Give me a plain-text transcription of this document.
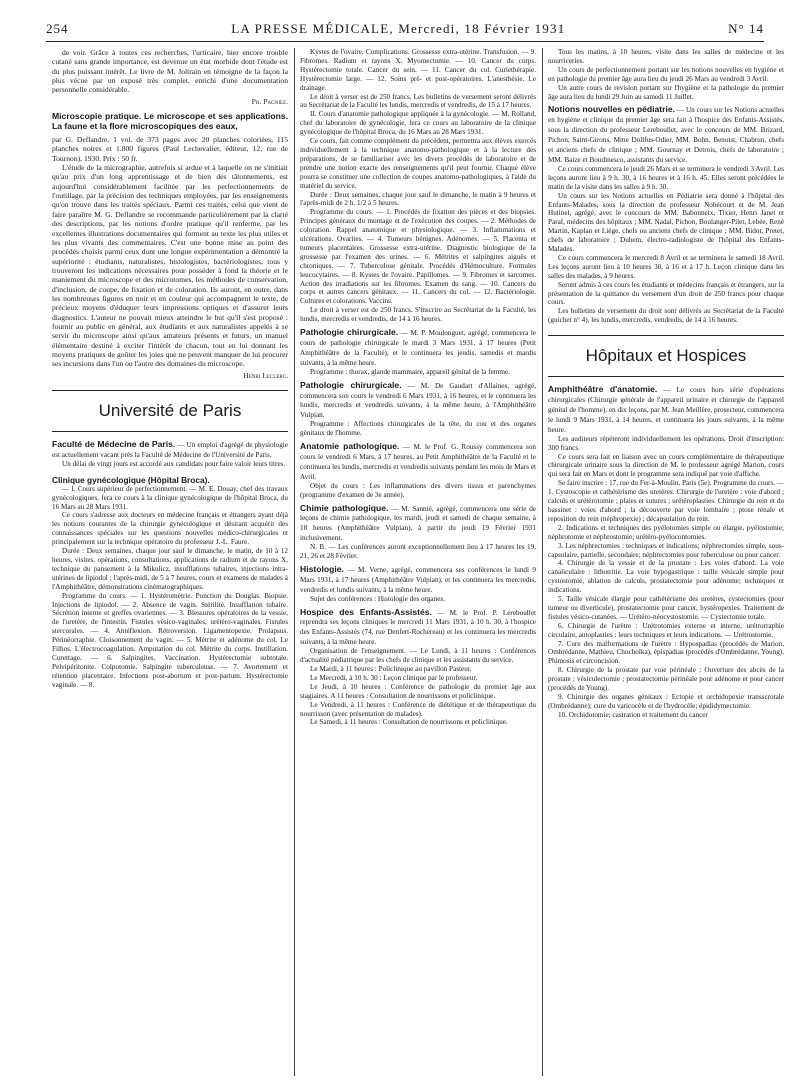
254	LA PRESSE MÉDICALE, Mercredi, 18 Février 1931	N° 14

de voir. Grâce à toutes ces recherches, l'urticaire, hier encore trouble cutané sans grande importance, est devenue un état morbide dont l'étude est du plus puissant intérêt. Le livre de M. Joltrain en témoigne de la façon la plus vécue par un exposé très complet, enrichi d'une documentation personnelle considérable.

Ph. Pagniez.

Microscopie pratique. Le microscope et ses applications. La faune et la flore microscopiques des eaux,

par G. Deflandre, 1 vol. de 373 pages avec 20 planches coloriées, 115 planches noires et 1.800 figures (Paul Lechevalier, éditeur, 12, rue de Tournon), 1930. Prix : 50 fr.

L'étude de la micrographie, autrefois si ardue et à laquelle on ne s'initiait qu'au prix d'un long apprentissage et de bien des tâtonnements, est aujourd'hui considérablement facilitée par les perfectionnements de l'outillage, par la précision des techniques employées, par les enseignements qu'on trouve dans les traités spéciaux. Parmi ces traités, celui que vient de faire paraître M. G. Deflandre se recommande particulièrement par la clarté des descriptions, par les notions d'ordre pratique qu'il renferme, par les excellentes illustrations documentaires qui forment au texte les plus utiles et les plus vivants des commentaires. C'est une bonne mise au point des procédés choisis parmi ceux dont une longue expérimentation a démontré la supériorité : étudiants, naturalistes, histologistes, bactériologistes, tous y trouveront les indications nécessaires pour posséder à fond la théorie et le maniement du microscope et des microtomes, les méthodes de conservation, d'inclusion, de coupe, de fixation et de coloration. Ils auront, en outre, dans les nombreuses figures en noir et en couleur qui accompagnent le texte, de précieux moyens d'éduquer leurs impressions optiques et d'assurer leurs diagnostics. L'auteur ne pouvait mieux atteindre le but qu'il s'est proposé : fournir au public en général, aux étudiants et aux naturalistes appelés à se servir du microscope ainsi qu'aux amateurs présents et futurs, un manuel élémentaire destiné à exciter l'intérêt de chacun, tout en lui donnant les moyens pratiques de goûter les joies que ne peuvent manquer de lui procurer ses incursions dans l'un ou l'autre des domaines du microscope.

Henri Leclerc.
Université de Paris

Faculté de Médecine de Paris. — Un emploi d'agrégé de physiologie est actuellement vacant près la Faculté de Médecine de l'Université de Paris.

Un délai de vingt jours est accordé aux candidats pour faire valoir leurs titres.

Clinique gynécologique (Hôpital Broca).

— I. Cours supérieur de perfectionnement. — M. E. Douay, chef des travaux gynécologiques, fera ce cours à la clinique gynécologique de l'hôpital Broca, du 16 Mars au 28 Mars 1931.

Ce cours s'adresse aux docteurs en médecine français et étrangers ayant déjà les notions courantes de la chirurgie gynécologique et désirant acquérir des connaissances spéciales sur les questions nouvelles médico-chirurgicales et principalement sur la technique opératoire du professeur J.-L. Faure.

Durée : Deux semaines, chaque jour sauf le dimanche, le matin, de 10 à 12 heures, visites, opérations, consultations, applications de radium et de rayons X, technique du pansement à la Mikulicz, insufflations tubaires, injections intra-utérines de lipiodol ; l'après-midi, de 5 à 7 heures, cours et examens de malades à l'Amphithéâtre, démonstrations cinématographiques.

Programme du cours. — 1. Hystéromètrie. Ponction du Douglas. Biopsie. Injections de lipiodol. — 2. Absence de vagin. Stérilité. Insufflation tubaire. Sécrétion interne et greffes ovariennes. — 3. Blessures opératoires de la vessie, de l'uretère, de l'intestin. Fistules vésico-vaginales, urétéro-vaginales. Fistules stercorales. — 4. Antéflexion. Rétroversion. Ligamentopexie. Prolapsus. Périnéorraphie. Cloisonnement du vagin. — 5. Métrite et adénome du col. Le Filhos. L'électrocoagulation. Amputation du col. Métrite du corps. Instillation. Curettage. — 6. Salpingites. Vaccination. Hystérectomie subtotale. Pelvipéritonite. Colpotomie. Salpingite tuberculeuse. — 7. Avortement et rétention placentaire. Infections post-abortum et post-partum. Hystérectomie vaginale. — 8.

Kystes de l'ovaire. Complications. Grossesse extra-utérine. Transfusion. — 9. Fibromes. Radium et rayons X. Myomectomie. — 10. Cancer du corps. Hystérectomie totale. Cancer du sein. — 11. Cancer du col. Curiethérapie. Hystérectomie large. — 12. Soins pré- et post-opératoires. L'anesthésie. Le drainage.

Le droit à verser est de 250 francs. Les bulletins de versement seront délivrés au Secrétariat de la Faculté les lundis, mercredis et vendredis, de 15 à 17 heures.

II. Cours d'anatomie pathologique appliquée à la gynécologie. — M. Rolland, chef du laboratoire de gynécologie, fera ce cours au laboratoire de la clinique gynécologique de l'hôpital Broca, du 16 Mars au 28 Mars 1931.

Ce cours, fait comme complément du précédent, permettra aux élèves exercés individuellement à la technique anatomo-pathologique et à la lecture des préparations, de se familiariser avec les divers procédés de laboratoire et de prendre une notion exacte des renseignements qu'il peut fournir. Chaque élève pourra se constituer une collection de coupes anatomo-pathologiques, à l'aide du matériel du service.

Durée : Deux semaines, chaque jour sauf le dimanche, le matin à 9 heures et l'après-midi de 2 h. 1/2 à 5 heures.

Programme du cours. — 1. Procédés de fixation des pièces et des biopsies. Principes généraux du montage et de l'exécution des coupes. — 2. Méthodes de coloration. Rappel anatomique et physiologique. — 3. Inflammations et ulcérations. Ovarites. — 4. Tumeurs bénignes. Adénomes. — 5. Placenta et tumeurs placentaires. Grossesse extra-utérine. Diagnostic biologique de la grossesse par l'examen des urines. — 6. Métrites et salpingites aiguës et chroniques. — 7. Tuberculose génitale. Procédés d'Hémoculture. Formules leucocytaires. — 8. Kystes de l'ovaire. Papillomes. — 9. Fibromes et sarcomes. Action des irradiations sur les fibromes. Examen du sang. — 10. Cancers du corps et autres cancers génitaux. — 11. Cancers du col. — 12. Bactériologie. Cultures et colorations. Vaccins.

Le droit à verser est de 250 francs. S'inscrire au Secrétariat de la Faculté, les lundis, mercredis et vendredis, de 14 à 16 heures.

Pathologie chirurgicale. — M. P. Moulonguet, agrégé, commencera le cours de pathologie chirurgicale le mardi 3 Mars 1931, à 17 heures (Petit Amphithéâtre de la Faculté), et le continuera les jeudis, samedis et mardis suivants, à la même heure.

Programme : thorax, glande mammaire, appareil génital de la femme.

Pathologie chirurgicale. — M. De Gaudart d'Allaines, agrégé, commencera son cours le vendredi 6 Mars 1931, à 16 heures, et le continuera les lundis, mercredis et vendredis suivants, à la même heure, à l'Amphithéâtre Vulpian.

Programme : Affections chirurgicales de la tête, du cou et des organes génitaux de l'homme.

Anatomie pathologique. — M. le Prof. G. Roussy commencera son cours le vendredi 6 Mars, à 17 heures, au Petit Amphithéâtre de la Faculté et le continuera les lundis, mercredis et vendredis suivants pendant les mois de Mars et Avril.

Objet du cours : Les inflammations des divers tissus et parenchymes (programme d'examen de 3e année).

Chimie pathologique. — M. Sannié, agrégé, commencera une série de leçons de chimie pathologique, les mardi, jeudi et samedi de chaque semaine, à 18 heures (Amphithéâtre Vulpian), à partir du jeudi 19 Février 1931 inclusivement.

N. B. — Les conférences auront exceptionnellement lieu à 17 heures les 19, 21, 26 et 28 Février.

Histologie. — M. Verne, agrégé, commencera ses conférences le lundi 9 Mars 1931, à 17 heures (Amphithéâtre Vulpian), et les continuera les mercredis, vendredis et lundis suivants, à la même heure.

Sujet des conférences : Histologie des organes.

Hospice des Enfants-Assistés. — M. le Prof. P. Lereboullet reprendra ses leçons cliniques le mercredi 11 Mars 1931, à 10 h. 30, à l'hospice des Enfants-Assistés (74, rue Denfert-Rochereau) et les continuera les mercredis suivants, à la même heure.

Organisation de l'enseignement. — Le Lundi, à 11 heures : Conférences d'actualité pédiatrique par les chefs de clinique et les assistants du service.

Le Mardi, à 11 heures : Policlinique au pavillon Pasteur.

Le Mercredi, à 10 h. 30 : Leçon clinique par le professeur.

Le Jeudi, à 10 heures : Conférence de pathologie du premier âge aux stagiaires. A 11 heures : Consultation de nourrissons et policlinique.

Le Vendredi, à 11 heures : Conférence de diététique et de thérapeutique du nourrisson (avec présentation de malades).

Le Samedi, à 11 heures : Consultation de nourrissons et policlinique.

Tous les matins, à 10 heures, visite dans les salles de médecine et les nourriceries.

Un cours de perfectionnement portant sur les notions nouvelles en hygiène et en pathologie du premier âge aura lieu du jeudi 26 Mars au vendredi 3 Avril.

Un autre cours de revision portant sur l'hygiène et la pathologie du premier âge aura lieu du lundi 29 Juin au samedi 11 Juillet.

Notions nouvelles en pédiatrie. — Un cours sur les Notions actuelles en hygiène et clinique du premier âge sera fait à l'hospice des Enfants-Assistés, sous la direction du professeur Lereboullet, avec le concours de MM. Brizard, Pichon, Saint-Girons, Mme Dollfus-Odier, MM. Bohn, Benoist, Chabrun, chefs et anciens chefs de clinique ; MM. Gournay et Detrois, chefs de laboratoire ; MM. Baize et Boudinesco, assistants du service.

Ce cours commencera le jeudi 26 Mars et se terminera le vendredi 3 Avril. Les leçons auront lieu à 9 h. 30, à 16 heures et à 16 h. 45. Elles seront précédées le matin de la visite dans les salles à 9 h. 30.

Un cours sur les Notions actuelles en Pédiatrie sera donné à l'hôpital des Enfants-Malades, sous la direction du professeur Nobécourt et de M. Jean Hutinel, agrégé, avec le concours de MM. Babonneix, Tixier, Henri Janet et Paraf, médecins des hôpitaux ; MM. Nadal, Pichon, Boulanger-Pilet, Lebée, René Martin, Kaplan et Liège, chefs ou anciens chefs de clinique ; MM. Bidot, Pretet, chefs de laboratoire ; Duhem, électro-radiologiste de l'hôpital des Enfants-Malades.

Ce cours commencera le mercredi 8 Avril et se terminera le samedi 18 Avril. Les leçons auront lieu à 10 heures 30, à 16 et à 17 h. Leçon clinique dans les salles des malades, à 9 heures.

Seront admis à ces cours les étudiants et médecins français et étrangers, sur la présentation de la quittance du versement d'un droit de 250 francs pour chaque cours.

Les bulletins de versement du droit sont délivrés au Secrétariat de la Faculté (guichet n° 4), les lundis, mercredis, vendredis, de 14 à 16 heures.

Hôpitaux et Hospices

Amphithéâtre d'anatomie. — Le cours hors série d'opérations chirurgicales (Chirurgie générale de l'appareil urinaire et chirurgie de l'appareil génital de l'homme), en dix leçons, par M. Jean Meillère, prosecteur, commencera le lundi 9 Mars 1931, à 14 heures, et continuera les jours suivants, à la même heure.

Les auditeurs répéteront individuellement les opérations. Droit d'inscription: 300 francs.

Ce cours sera fait en liaison avec un cours complémentaire de thérapeutique chirurgicale urinaire sous la direction de M. le professeur agrégé Marion, cours qui sera fait en Mars et dont le programme sera indiqué par voie d'affiche.

Se faire inscrire : 17, rue du Fer-à-Moulin, Paris (5e). Programme du cours. — 1. Cystoscopie et cathétérisme des uretères. Chirurgie de l'uretère : voie d'abord ; calculs et urétérotomie ; plaies et sutures ; urétéroplasties. Chirurgie du rein et du bassinet : voies d'abord ; la découverte par voie lombaire ; ptose rénale et reposition du rein (néphropexie) ; décapsulation du rein.

2. Indications et techniques des pyélotomies simple ou élargie, pyélostomie; néphrotomie et néphrostomie; urétéro-pyélocontomies.

3. Les néphrectomies : techniques et indications; néphrectomies simple, sous-capsulaire, partielle, secondaire; néphrectomies pour tuberculose ou pour cancer.

4. Chirurgie de la vessie et de la prostate : Les voies d'abord. La voie canaliculaire : lithotritie. La voie hypogastrique : taille vésicale simple pour cystostomie, ablation de calculs, prostatectomie pour adénome; techniques et indications.

5. Taille vésicale élargie pour cathétérisme des uretères, cystectomies (pour tumeur ou diverticule), prostatectomie pour cancer, hystéropexies. Traitement de fistules vésico-cutanées. — Urétéro-néocystostomie. — Cystectomie totale.

6. Chirurgie de l'urètre : Urétrotomies externe et interne, urétrorraphie circulaire, autoplasties : leurs techniques et leurs indications. — Urétrostomie.

7. Cure des malformations de l'urètre : Hypospadias (procédés de Marion, Ombrédanne, Mathieu, Chocholka), épispadias (procédés d'Ombrédanne, Young). Phimosis et circoncision.

8. Chirurgie de la prostate par voie périnéale : Ouverture des abcès de la prostate ; vésiculectomie ; prostatectomie périnéale pour adénome et pour cancer (procédés de Young).

9. Chirurgie des organes génitaux : Ectopie et orchidopexie transscrotale (Ombrédanne); cure du varicocèle et de l'hydrocèle; épididymectomie.

10. Orchidotomie; castration et traitement du cancer
